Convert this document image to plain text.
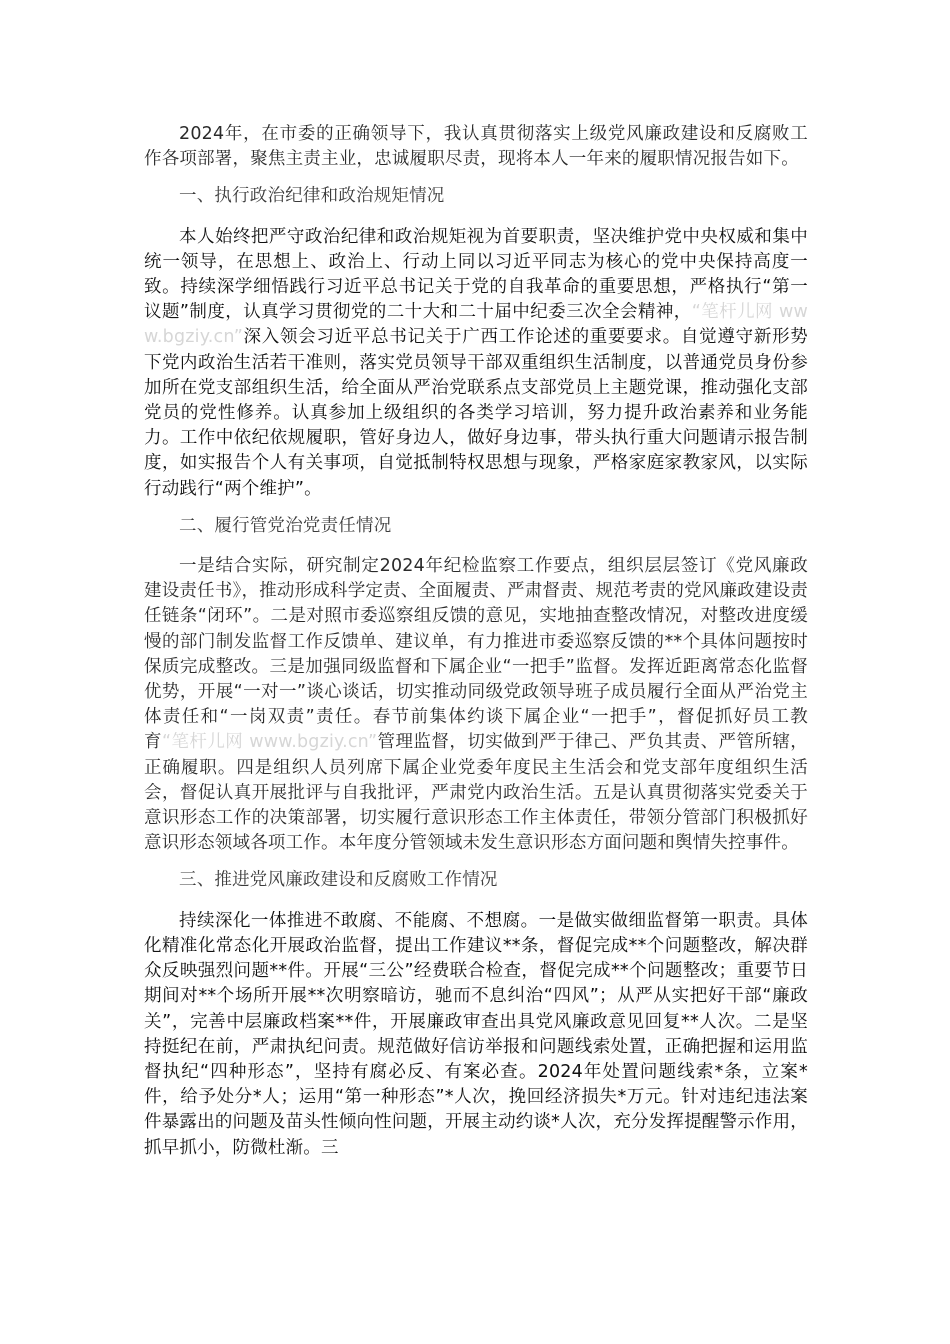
2024年，在市委的正确领导下，我认真贯彻落实上级党风廉政建设和反腐败工作各项部署，聚焦主责主业，忠诚履职尽责，现将本人一年来的履职情况报告如下。

一、执行政治纪律和政治规矩情况

本人始终把严守政治纪律和政治规矩视为首要职责，坚决维护党中央权威和集中统一领导，在思想上、政治上、行动上同以习近平同志为核心的党中央保持高度一致。持续深学细悟践行习近平总书记关于党的自我革命的重要思想，严格执行“第一议题”制度，认真学习贯彻党的二十大和二十届中纪委三次全会精神，“笔杆儿网 www.bgziy.cn”深入领会习近平总书记关于广西工作论述的重要要求。自觉遵守新形势下党内政治生活若干准则，落实党员领导干部双重组织生活制度，以普通党员身份参加所在党支部组织生活，给全面从严治党联系点支部党员上主题党课，推动强化支部党员的党性修养。认真参加上级组织的各类学习培训，努力提升政治素养和业务能力。工作中依纪依规履职，管好身边人，做好身边事，带头执行重大问题请示报告制度，如实报告个人有关事项，自觉抵制特权思想与现象，严格家庭家教家风，以实际行动践行“两个维护”。

二、履行管党治党责任情况

一是结合实际，研究制定2024年纪检监察工作要点，组织层层签订《党风廉政建设责任书》，推动形成科学定责、全面履责、严肃督责、规范考责的党风廉政建设责任链条“闭环”。二是对照市委巡察组反馈的意见，实地抽查整改情况，对整改进度缓慢的部门制发监督工作反馈单、建议单，有力推进市委巡察反馈的**个具体问题按时保质完成整改。三是加强同级监督和下属企业“一把手”监督。发挥近距离常态化监督优势，开展“一对一”谈心谈话，切实推动同级党政领导班子成员履行全面从严治党主体责任和“一岗双责”责任。春节前集体约谈下属企业“一把手”，督促抓好员工教育“笔杆儿网 www.bgziy.cn”管理监督，切实做到严于律己、严负其责、严管所辖，正确履职。四是组织人员列席下属企业党委年度民主生活会和党支部年度组织生活会，督促认真开展批评与自我批评，严肃党内政治生活。五是认真贯彻落实党委关于意识形态工作的决策部署，切实履行意识形态工作主体责任，带领分管部门积极抓好意识形态领域各项工作。本年度分管领域未发生意识形态方面问题和舆情失控事件。

三、推进党风廉政建设和反腐败工作情况

持续深化一体推进不敢腐、不能腐、不想腐。一是做实做细监督第一职责。具体化精准化常态化开展政治监督，提出工作建议**条，督促完成**个问题整改，解决群众反映强烈问题**件。开展“三公”经费联合检查，督促完成**个问题整改；重要节日期间对**个场所开展**次明察暗访，驰而不息纠治“四风”；从严从实把好干部“廉政关”，完善中层廉政档案**件，开展廉政审查出具党风廉政意见回复**人次。二是坚持挺纪在前，严肃执纪问责。规范做好信访举报和问题线索处置，正确把握和运用监督执纪“四种形态”，坚持有腐必反、有案必查。2024年处置问题线索*条，立案*件，给予处分*人；运用“第一种形态”*人次，挽回经济损失*万元。针对违纪违法案件暴露出的问题及苗头性倾向性问题，开展主动约谈*人次，充分发挥提醒警示作用，抓早抓小，防微杜渐。三
